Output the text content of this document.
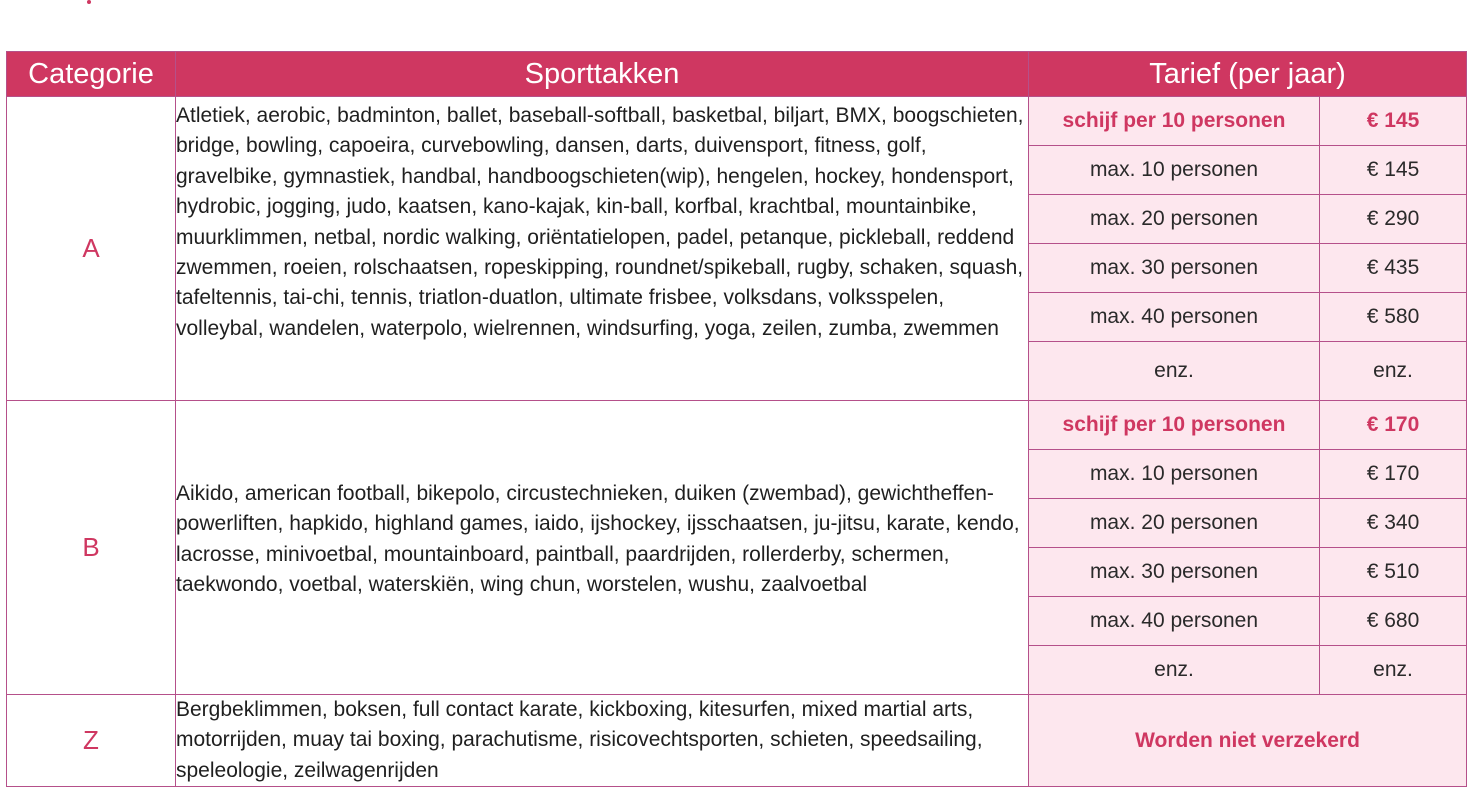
Categorie	Sporttakken	Tarief (per jaar)	
A	Atletiek, aerobic, badminton, ballet, baseball-softball, basketbal, biljart, BMX, boogschieten, bridge, bowling, capoeira, curvebowling, dansen, darts, duivensport, fitness, golf, gravelbike, gymnastiek, handbal, handboogschieten(wip), hengelen, hockey, hondensport, hydrobic, jogging, judo, kaatsen, kano-kajak, kin-ball, korfbal, krachtbal, mountainbike, muurklimmen, netbal, nordic walking, oriëntatielopen, padel, petanque, pickleball, reddend zwemmen, roeien, rolschaatsen, ropeskipping, roundnet/spikeball, rugby, schaken, squash, tafeltennis, tai-chi, tennis, triatlon-duatlon, ultimate frisbee, volksdans, volksspelen, volleybal, wandelen, waterpolo, wielrennen, windsurfing, yoga, zeilen, zumba, zwemmen	schijf per 10 personen	€ 145
		max. 10 personen	€ 145
		max. 20 personen	€ 290
		max. 30 personen	€ 435
		max. 40 personen	€ 580
		enz.	enz.
B	Aikido, american football, bikepolo, circustechnieken, duiken (zwembad), gewichtheffen-powerliften, hapkido, highland games, iaido, ijshockey, ijsschaatsen, ju-jitsu, karate, kendo, lacrosse, minivoetbal, mountainboard, paintball, paardrijden, rollerderby, schermen, taekwondo, voetbal, waterskiën, wing chun, worstelen, wushu, zaalvoetbal	schijf per 10 personen	€ 170
		max. 10 personen	€ 170
		max. 20 personen	€ 340
		max. 30 personen	€ 510
		max. 40 personen	€ 680
		enz.	enz.
Z	Bergbeklimmen, boksen, full contact karate, kickboxing, kitesurfen, mixed martial arts, motorrijden, muay tai boxing, parachutisme, risicovechtsporten, schieten, speedsailing, speleologie, zeilwagenrijden	Worden niet verzekerd	
